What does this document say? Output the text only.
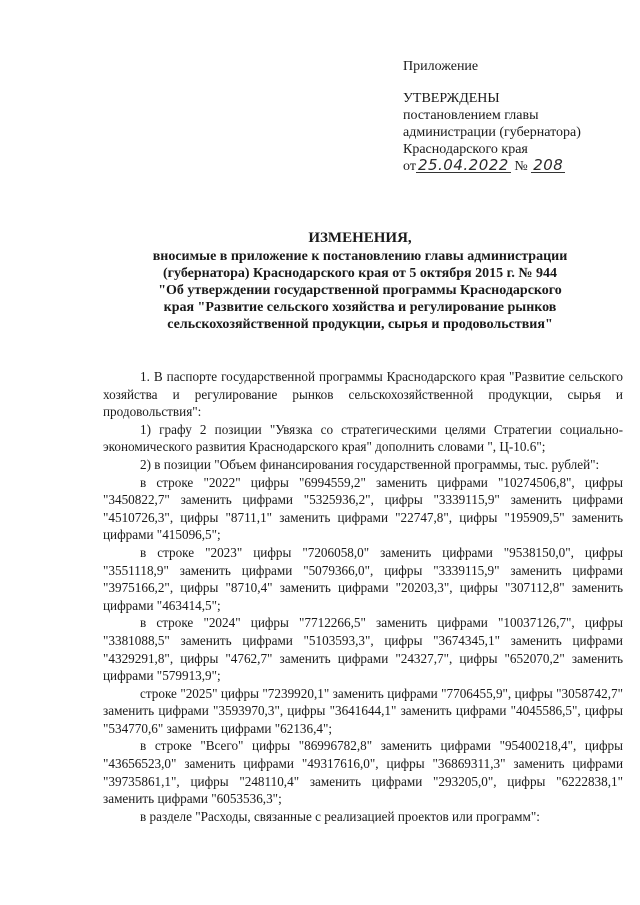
Приложение
УТВЕРЖДЕНЫ
постановлением главы
администрации (губернатора)
Краснодарского края
от 25.04.2022 № 208
ИЗМЕНЕНИЯ,
вносимые в приложение к постановлению главы администрации
(губернатора) Краснодарского края от 5 октября 2015 г. № 944
"Об утверждении государственной программы Краснодарского
края "Развитие сельского хозяйства и регулирование рынков
сельскохозяйственной продукции, сырья и продовольствия"

1. В паспорте государственной программы Краснодарского края "Развитие сельского хозяйства и регулирование рынков сельскохозяйственной продукции, сырья и продовольствия":

1) графу 2 позиции "Увязка со стратегическими целями Стратегии социально-экономического развития Краснодарского края" дополнить словами ", Ц-10.6";

2) в позиции "Объем финансирования государственной программы, тыс. рублей":

в строке "2022" цифры "6994559,2" заменить цифрами "10274506,8", цифры "3450822,7" заменить цифрами "5325936,2", цифры "3339115,9" заменить цифрами "4510726,3", цифры "8711,1" заменить цифрами "22747,8", цифры "195909,5" заменить цифрами "415096,5";

в строке "2023" цифры "7206058,0" заменить цифрами "9538150,0", цифры "3551118,9" заменить цифрами "5079366,0", цифры "3339115,9" заменить цифрами "3975166,2", цифры "8710,4" заменить цифрами "20203,3", цифры "307112,8" заменить цифрами "463414,5";

в строке "2024" цифры "7712266,5" заменить цифрами "10037126,7", цифры "3381088,5" заменить цифрами "5103593,3", цифры "3674345,1" заменить цифрами "4329291,8", цифры "4762,7" заменить цифрами "24327,7", цифры "652070,2" заменить цифрами "579913,9";

строке "2025" цифры "7239920,1" заменить цифрами "7706455,9", цифры "3058742,7" заменить цифрами "3593970,3", цифры "3641644,1" заменить цифрами "4045586,5", цифры "534770,6" заменить цифрами "62136,4";

в строке "Всего" цифры "86996782,8" заменить цифрами "95400218,4", цифры "43656523,0" заменить цифрами "49317616,0", цифры "36869311,3" заменить цифрами "39735861,1", цифры "248110,4" заменить цифрами "293205,0", цифры "6222838,1" заменить цифрами "6053536,3";

в разделе "Расходы, связанные с реализацией проектов или программ":
